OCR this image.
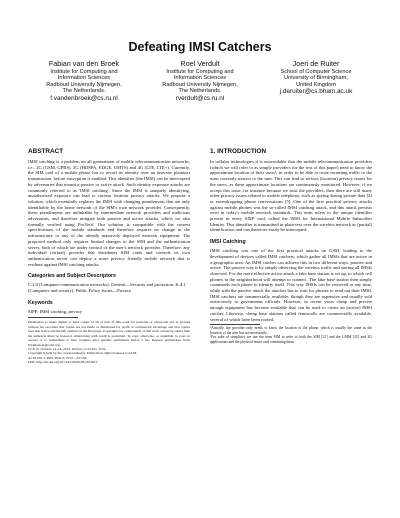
Defeating IMSI Catchers
Fabian van den Broek
Institute for Computing and
Information Sciences
Radboud University Nijmegen,
The Netherlands.
f.vandenbroek@cs.ru.nl
Roel Verdult
Institute for Computing and
Information Sciences
Radboud University Nijmegen,
The Netherlands.
rverdult@cs.ru.nl
Joeri de Ruiter
School of Computer Science
University of Birmingham,
United Kingdom
j.deruiter@cs.bham.ac.uk
ABSTRACT

IMSI catching is a problem on all generations of mobile telecommunication networks, i.e., 2G (GSM, GPRS), 3G (HDSPA, EDGE, UMTS) and 4G (LTE, LTE+). Currently, the SIM card of a mobile phone has to reveal its identity over an insecure plaintext transmission, before encryption is enabled. This identifier (the IMSI) can be intercepted by adversaries that mount a passive or active attack. Such identity exposure attacks are commonly referred to as 'IMSI catching'. Since the IMSI is uniquely identifying, unauthorized exposure can lead to various location privacy attacks. We propose a solution, which essentially replaces the IMSI with changing pseudonyms that are only identifiable by the home network of the SIM's own network provider. Consequently, these pseudonyms are unlinkable by intermediate network providers and malicious adversaries, and therefore mitigate both passive and active attacks, which we also formally verified using ProVerif. Our solution is compatible with the current specifications of the mobile standards and therefore requires no change in the infrastructure or any of the already massively deployed network equipment. The proposed method only requires limited changes to the SIM and the authentication server, both of which are under control of the user's network provider. Therefore, any individual (virtual) provider that distributes SIM cards and controls its own authentication server can deploy a more privacy friendly mobile network that is resilient against IMSI catching attacks.

Categories and Subject Descriptors

C.2.0 [Computer-communication networks]: General—Security and protection; K.4.1 [Computers and society]: Public Policy Issues—Privacy

Keywords

SIPP; IMSI catching; privacy

Permission to make digital or hard copies of all or part of this work for personal or classroom use is granted without fee provided that copies are not made or distributed for profit or commercial advantage and that copies bear this notice and the full citation on the first page. Copyrights for components of this work owned by others than the author(s) must be honored. Abstracting with credit is permitted. To copy otherwise, or republish, to post on servers or to redistribute to lists, requires prior specific permission and/or a fee. Request permissions from Permissions@acm.org.

CCS'15, October 12–16, 2015, Denver, Colorado, USA.

Copyright is held by the owner/author(s). Publication rights licensed to ACM.

ACM 978-1-4503-3832-5/15/10 ...$15.00.

DOI: http://dx.doi.org/10.1145/2810103.2813615

1. INTRODUCTION

In cellular technologies it is unavoidable that the mobile telecommunication providers (which we will refer to as simply providers for the rest of this paper) need to know the approximate location of their users¹, in order to be able to route incoming traffic to the mast currently nearest to the user. This can lead to serious (location) privacy issues for the users, as these approximate locations are continuously monitored. However, if we accept this issue, for instance because we trust the providers, then there are still many other privacy issues related to mobile telephony, such as spying during private data [4] or eavesdropping phone conversations [5]. One of the first practical privacy attacks against mobile phones was the so-called IMSI catching attack, and this attack persists even in today's mobile network standards. This term refers to the unique identifier present in every SIM² card, called the IMSI for International Mobile Subscriber Identity. This identifier is transmitted in plain-text over the wireless network as (partial) identification and can therefore easily be intercepted.

IMSI Catching

IMSI catching was one of the first practical attacks on GSM, leading to the development of devices called IMSI catchers, which gather all IMSIs that are active in a geographic area. An IMSI catcher can achieve this in two different ways: passive and active. The passive way is by simply observing the wireless traffic and storing all IMSIs observed. For the more effective active attack a fake base station is set up, to which cell phones in the neighborhood will attempt to connect. The fake base station then simply commands each phone to identify itself. This way IMSIs can be retrieved at any time, while with the passive attack the attacker has to wait for phones to send out their IMSI. IMSI catchers are commercially available, though they are expensive and usually sold restrictively to government officials. However, in recent years cheap and precise enough equipment has become available that can be used to create an (active) IMSI catcher. Likewise, cheap base stations called femtocells are commercially available, several of which have been rooted,

¹Actually, the provider only needs to know the location of the phone, which is usually the same as the location of the user but not necessarily.

²For sake of simplicity we use the term SIM to refer to both the SIM [21] and the USIM [25] and 3G applications and the physical smart card containing them.
